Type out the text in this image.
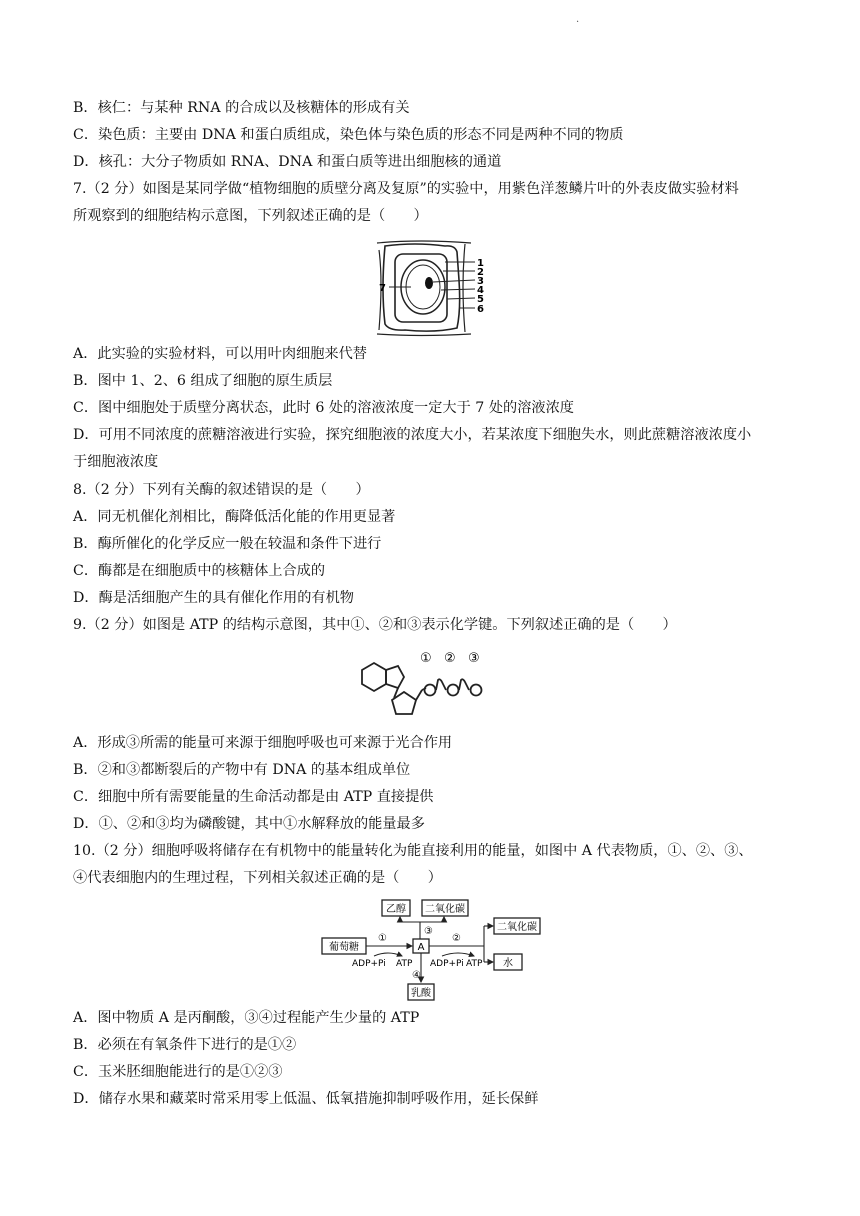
.
B．核仁：与某种 RNA 的合成以及核糖体的形成有关
C．染色质：主要由 DNA 和蛋白质组成，染色体与染色质的形态不同是两种不同的物质
D．核孔：大分子物质如 RNA、DNA 和蛋白质等进出细胞核的通道
7.（2 分）如图是某同学做“植物细胞的质壁分离及复原”的实验中，用紫色洋葱鳞片叶的外表皮做实验材料
所观察到的细胞结构示意图，下列叙述正确的是（　　）
1
2
3
4
5
6
7
A．此实验的实验材料，可以用叶肉细胞来代替
B．图中 1、2、6 组成了细胞的原生质层
C．图中细胞处于质壁分离状态，此时 6 处的溶液浓度一定大于 7 处的溶液浓度
D．可用不同浓度的蔗糖溶液进行实验，探究细胞液的浓度大小，若某浓度下细胞失水，则此蔗糖溶液浓度小
于细胞液浓度
8.（2 分）下列有关酶的叙述错误的是（　　）
A．同无机催化剂相比，酶降低活化能的作用更显著
B．酶所催化的化学反应一般在较温和条件下进行
C．酶都是在细胞质中的核糖体上合成的
D．酶是活细胞产生的具有催化作用的有机物
9.（2 分）如图是 ATP 的结构示意图，其中①、②和③表示化学键。下列叙述正确的是（　　）
① ② ③
A．形成③所需的能量可来源于细胞呼吸也可来源于光合作用
B．②和③都断裂后的产物中有 DNA 的基本组成单位
C．细胞中所有需要能量的生命活动都是由 ATP 直接提供
D．①、②和③均为磷酸键，其中①水解释放的能量最多
10.（2 分）细胞呼吸将储存在有机物中的能量转化为能直接利用的能量，如图中 A 代表物质，①、②、③、
④代表细胞内的生理过程，下列相关叙述正确的是（　　）
乙醇 二氧化碳
③
葡萄糖
①
ADP+Pi ATP
A
②
ADP+Pi ATP
二氧化碳
水
④
乳酸
A．图中物质 A 是丙酮酸，③④过程能产生少量的 ATP
B．必须在有氧条件下进行的是①②
C．玉米胚细胞能进行的是①②③
D．储存水果和藏菜时常采用零上低温、低氧措施抑制呼吸作用，延长保鲜
